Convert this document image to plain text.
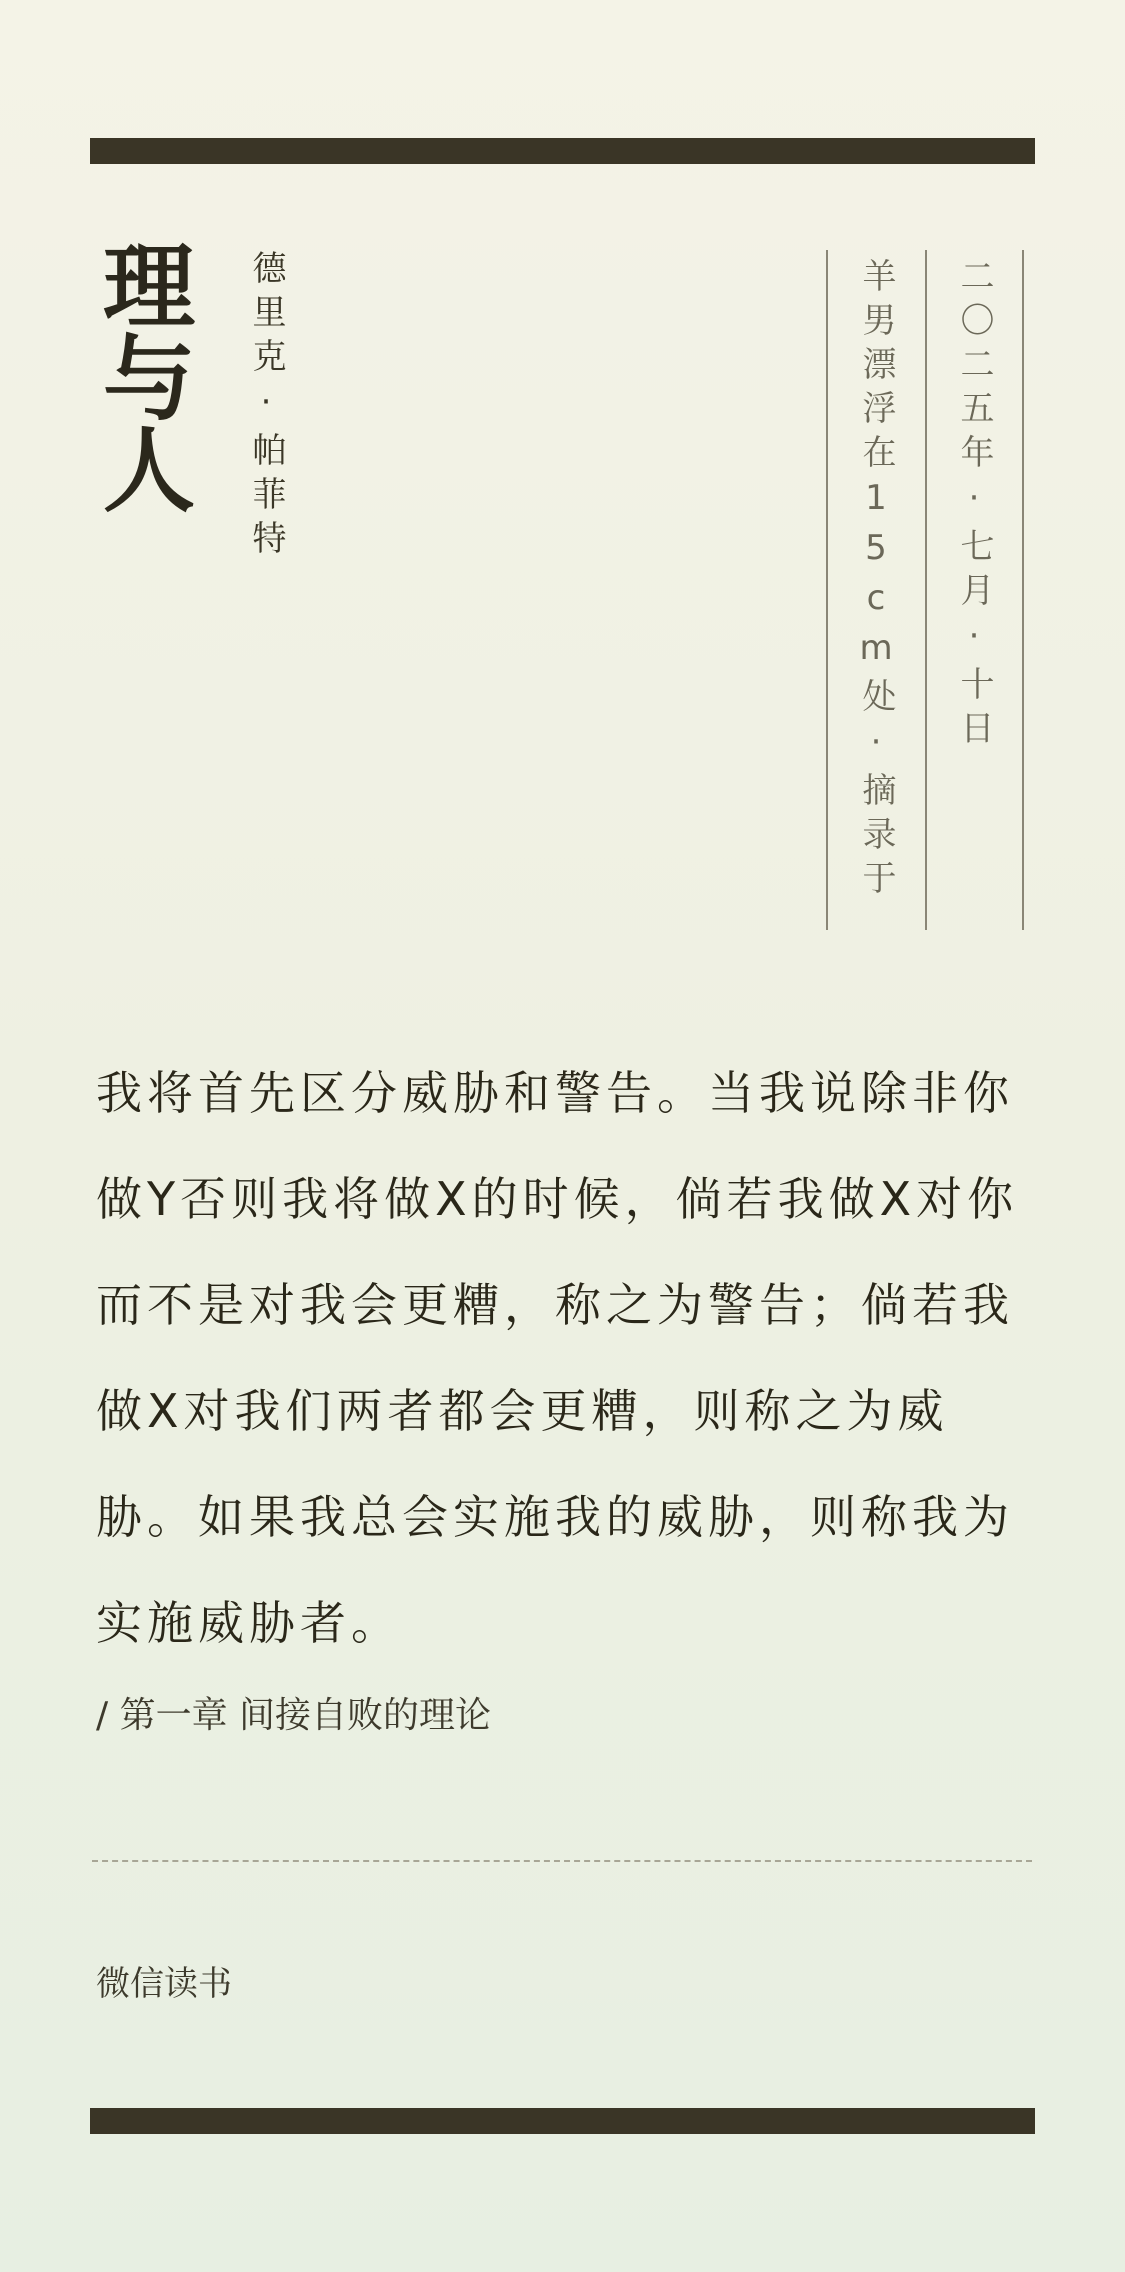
理与人 德里克·帕菲特	羊男漂浮在15cm处·摘录于 二〇二五年·七月·十日
我将首先区分威胁和警告。当我说除非你做Y否则我将做X的时候，倘若我做X对你而不是对我会更糟，称之为警告；倘若我做X对我们两者都会更糟，则称之为威胁。如果我总会实施我的威胁，则称我为实施威胁者。
/ 第一章 间接自败的理论
微信读书
